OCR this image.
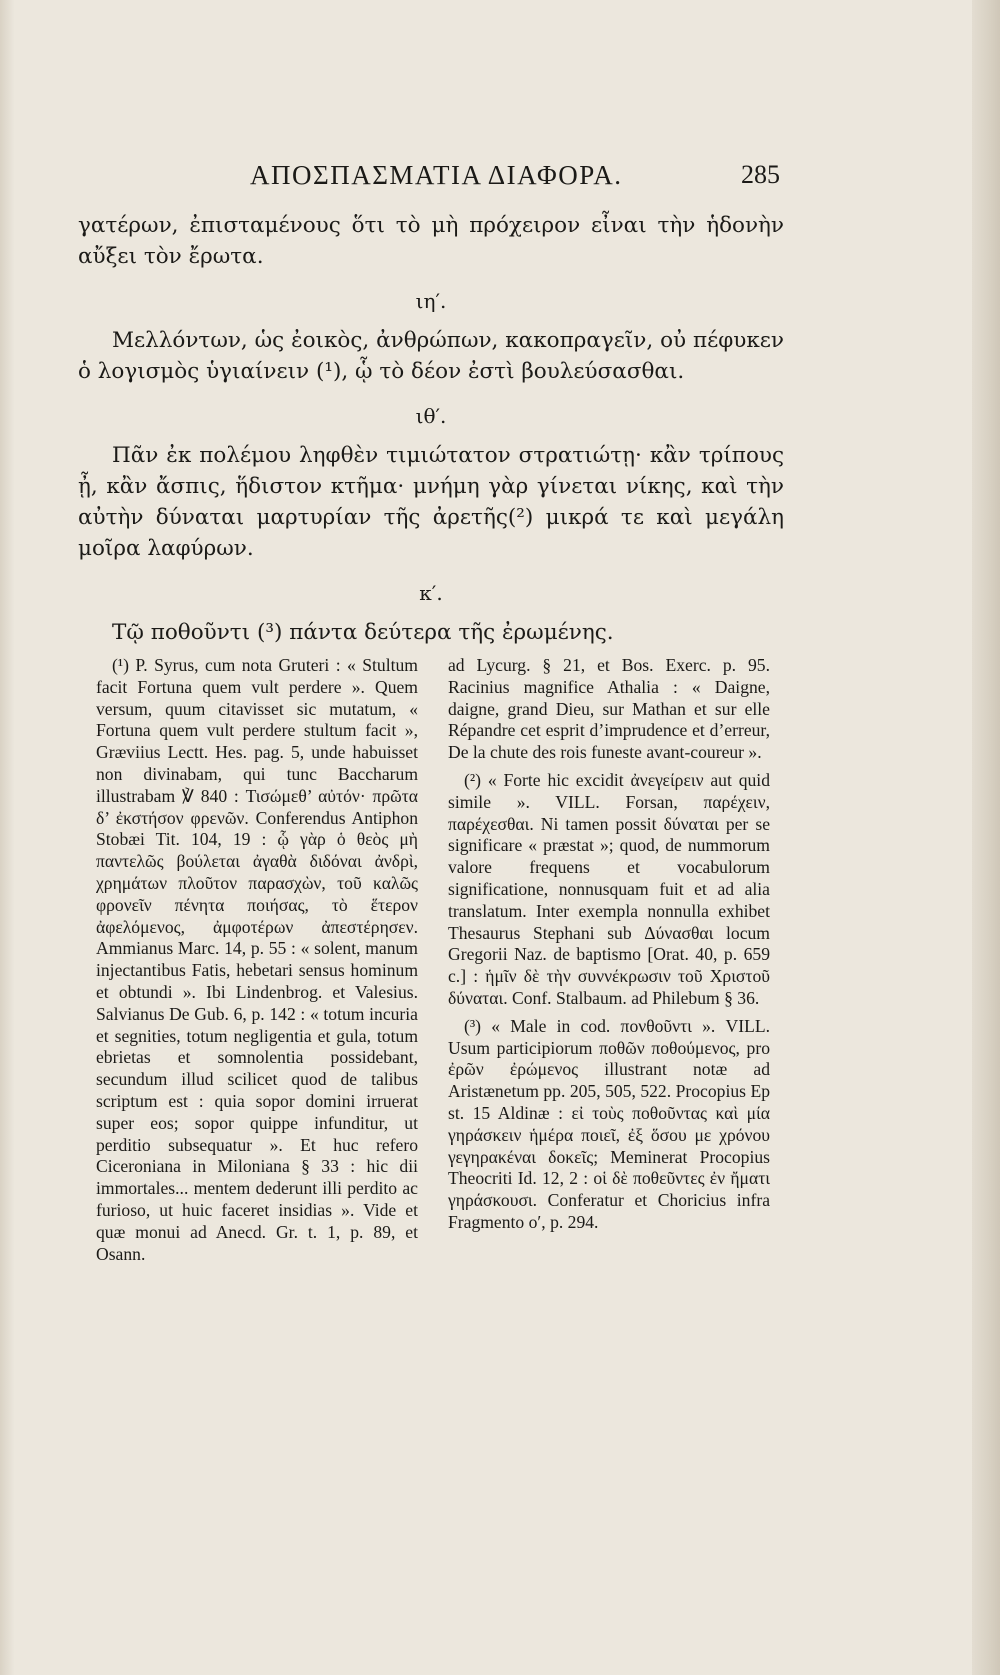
ΑΠΟΣΠΑΣΜΑΤΙΑ ΔΙΑΦΟΡΑ.	285

γατέρων, ἐπισταμένους ὅτι τὸ μὴ πρόχειρον εἶναι τὴν ἡδονὴν αὔξει τὸν ἔρωτα.

ιη′.

Μελλόντων, ὡς ἐοικὸς, ἀνθρώπων, κακοπραγεῖν, οὐ πέφυκεν ὁ λογισμὸς ὑγιαίνειν (¹), ᾧ τὸ δέον ἐστὶ βουλεύσασθαι.

ιθ′.

Πᾶν ἐκ πολέμου ληφθὲν τιμιώτατον στρατιώτῃ· κἂν τρίπους ᾖ, κἂν ἄσπις, ἥδιστον κτῆμα· μνήμη γὰρ γίνεται νίκης, καὶ τὴν αὐτὴν δύναται μαρτυρίαν τῆς ἀρετῆς(²) μικρά τε καὶ μεγάλη μοῖρα λαφύρων.

κ′.

Τῷ ποθοῦντι (³) πάντα δεύτερα τῆς ἐρωμένης.

(¹) P. Syrus, cum nota Gruteri : « Stultum facit Fortuna quem vult perdere ». Quem versum, quum citavisset sic mutatum, « Fortuna quem vult perdere stultum facit », Græviius Lectt. Hes. pag. 5, unde habuisset non divinabam, qui tunc Baccharum illustrabam ℣ 840 : Τισώμεθ’ αὐτόν· πρῶτα δ’ ἐκστήσον φρενῶν. Conferendus Antiphon Stobæi Tit. 104, 19 : ᾧ γὰρ ὁ θεὸς μὴ παντελῶς βούλεται ἀγαθὰ διδόναι ἀνδρὶ, χρημάτων πλοῦτον παρασχὼν, τοῦ καλῶς φρονεῖν πένητα ποιήσας, τὸ ἕτερον ἀφελόμενος, ἀμφοτέρων ἀπεστέρησεν. Ammianus Marc. 14, p. 55 : « solent, manum injectantibus Fatis, hebetari sensus hominum et obtundi ». Ibi Lindenbrog. et Valesius. Salvianus De Gub. 6, p. 142 : « totum incuria et segnities, totum negligentia et gula, totum ebrietas et somnolentia possidebant, secundum illud scilicet quod de talibus scriptum est : quia sopor domini irruerat super eos; sopor quippe infunditur, ut perditio subsequatur ». Et huc refero Ciceroniana in Miloniana § 33 : hic dii immortales... mentem dederunt illi perdito ac furioso, ut huic faceret insidias ». Vide et quæ monui ad Anecd. Gr. t. 1, p. 89, et Osann.

ad Lycurg. § 21, et Bos. Exerc. p. 95. Racinius magnifice Athalia : « Daigne, daigne, grand Dieu, sur Mathan et sur elle Répandre cet esprit d’imprudence et d’erreur, De la chute des rois funeste avant-coureur ».

(²) « Forte hic excidit ἀνεγείρειν aut quid simile ». VILL. Forsan, παρέχειν, παρέχεσθαι. Ni tamen possit δύναται per se significare « præstat »; quod, de nummorum valore frequens et vocabulorum significatione, nonnusquam fuit et ad alia translatum. Inter exempla nonnulla exhibet Thesaurus Stephani sub Δύνασθαι locum Gregorii Naz. de baptismo [Orat. 40, p. 659 c.] : ἡμῖν δὲ τὴν συννέκρωσιν τοῦ Χριστοῦ δύναται. Conf. Stalbaum. ad Philebum § 36.

(³) « Male in cod. πονθοῦντι ». VILL. Usum participiorum ποθῶν ποθούμενος, pro ἐρῶν ἐρώμενος illustrant notæ ad Aristænetum pp. 205, 505, 522. Procopius Ep st. 15 Aldinæ : εἰ τοὺς ποθοῦντας καὶ μία γηράσκειν ἡμέρα ποιεῖ, ἐξ ὅσου με χρόνου γεγηρακέναι δοκεῖς; Meminerat Procopius Theocriti Id. 12, 2 : οἱ δὲ ποθεῦντες ἐν ἤματι γηράσκουσι. Conferatur et Choricius infra Fragmento ο′, p. 294.
